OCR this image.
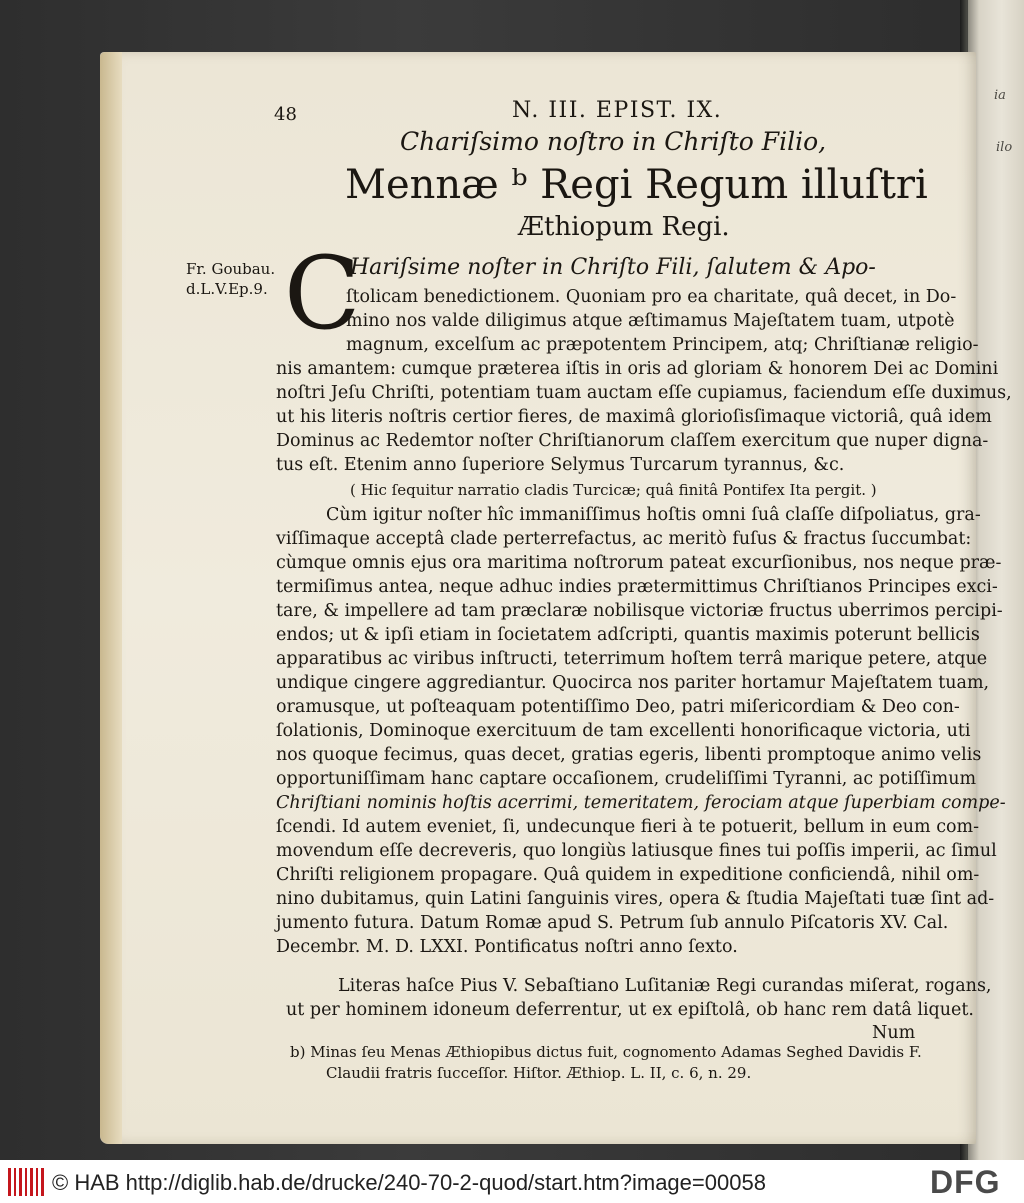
ia
ilo
48	N. III. EPIST. IX.
Chariſsimo noſtro in Chriſto Filio,
Mennæ ᵇ Regi Regum illuſtri
Æthiopum Regi.
Fr. Goubau.
d.L.V.Ep.9. C
Hariſsime noſter in Chriſto Fili, ſalutem & Apo-
ſtolicam benedictionem. Quoniam pro ea charitate, quâ decet, in Do-
mino nos valde diligimus atque æſtimamus Majeſtatem tuam, utpotè
magnum, excelſum ac præpotentem Principem, atq; Chriſtianæ religio-
nis amantem: cumque præterea iſtis in oris ad gloriam & honorem Dei ac Domini
noſtri Jeſu Chriſti, potentiam tuam auctam eſſe cupiamus, faciendum eſſe duximus,
ut his literis noſtris certior fieres, de maximâ glorioſisſimaque victoriâ, quâ idem
Dominus ac Redemtor noſter Chriſtianorum claſſem exercitum que nuper digna-
tus eſt. Etenim anno ſuperiore Selymus Turcarum tyrannus, &c.
( Hic ſequitur narratio cladis Turcicæ; quâ finitâ Pontifex Ita pergit. )
Cùm igitur noſter hîc immaniſſimus hoſtis omni ſuâ claſſe diſpoliatus, gra-
viſſimaque acceptâ clade perterrefactus, ac meritò fuſus & fractus ſuccumbat:
cùmque omnis ejus ora maritima noſtrorum pateat excurſionibus, nos neque præ-
termiſimus antea, neque adhuc indies prætermittimus Chriſtianos Principes exci-
tare, & impellere ad tam præclaræ nobilisque victoriæ fructus uberrimos percipi-
endos; ut & ipſi etiam in ſocietatem adſcripti, quantis maximis poterunt bellicis
apparatibus ac viribus inſtructi, teterrimum hoſtem terrâ marique petere, atque
undique cingere aggrediantur. Quocirca nos pariter hortamur Majeſtatem tuam,
oramusque, ut poſteaquam potentiſſimo Deo, patri miſericordiam & Deo con-
ſolationis, Dominoque exercituum de tam excellenti honorificaque victoria, uti
nos quoque fecimus, quas decet, gratias egeris, libenti promptoque animo velis
opportuniſſimam hanc captare occaſionem, crudeliſſimi Tyranni, ac potiſſimum
Chriſtiani nominis hoſtis acerrimi, temeritatem, ferociam atque ſuperbiam compe-
ſcendi. Id autem eveniet, ſi, undecunque fieri à te potuerit, bellum in eum com-
movendum eſſe decreveris, quo longiùs latiusque fines tui poſſis imperii, ac ſimul
Chriſti religionem propagare. Quâ quidem in expeditione conficiendâ, nihil om-
nino dubitamus, quin Latini ſanguinis vires, opera & ſtudia Majeſtati tuæ ſint ad-
jumento futura. Datum Romæ apud S. Petrum ſub annulo Piſcatoris XV. Cal.
Decembr. M. D. LXXI. Pontificatus noſtri anno ſexto.
Literas haſce Pius V. Sebaſtiano Luſitaniæ Regi curandas miſerat, rogans,
ut per hominem idoneum deferrentur, ut ex epiſtolâ, ob hanc rem datâ liquet.
Num
b) Minas ſeu Menas Æthiopibus dictus fuit, cognomento Adamas Seghed Davidis F.
Claudii fratris ſucceſſor. Hiſtor. Æthiop. L. II, c. 6, n. 29.
© HAB http://diglib.hab.de/drucke/240-70-2-quod/start.htm?image=00058	DFG
